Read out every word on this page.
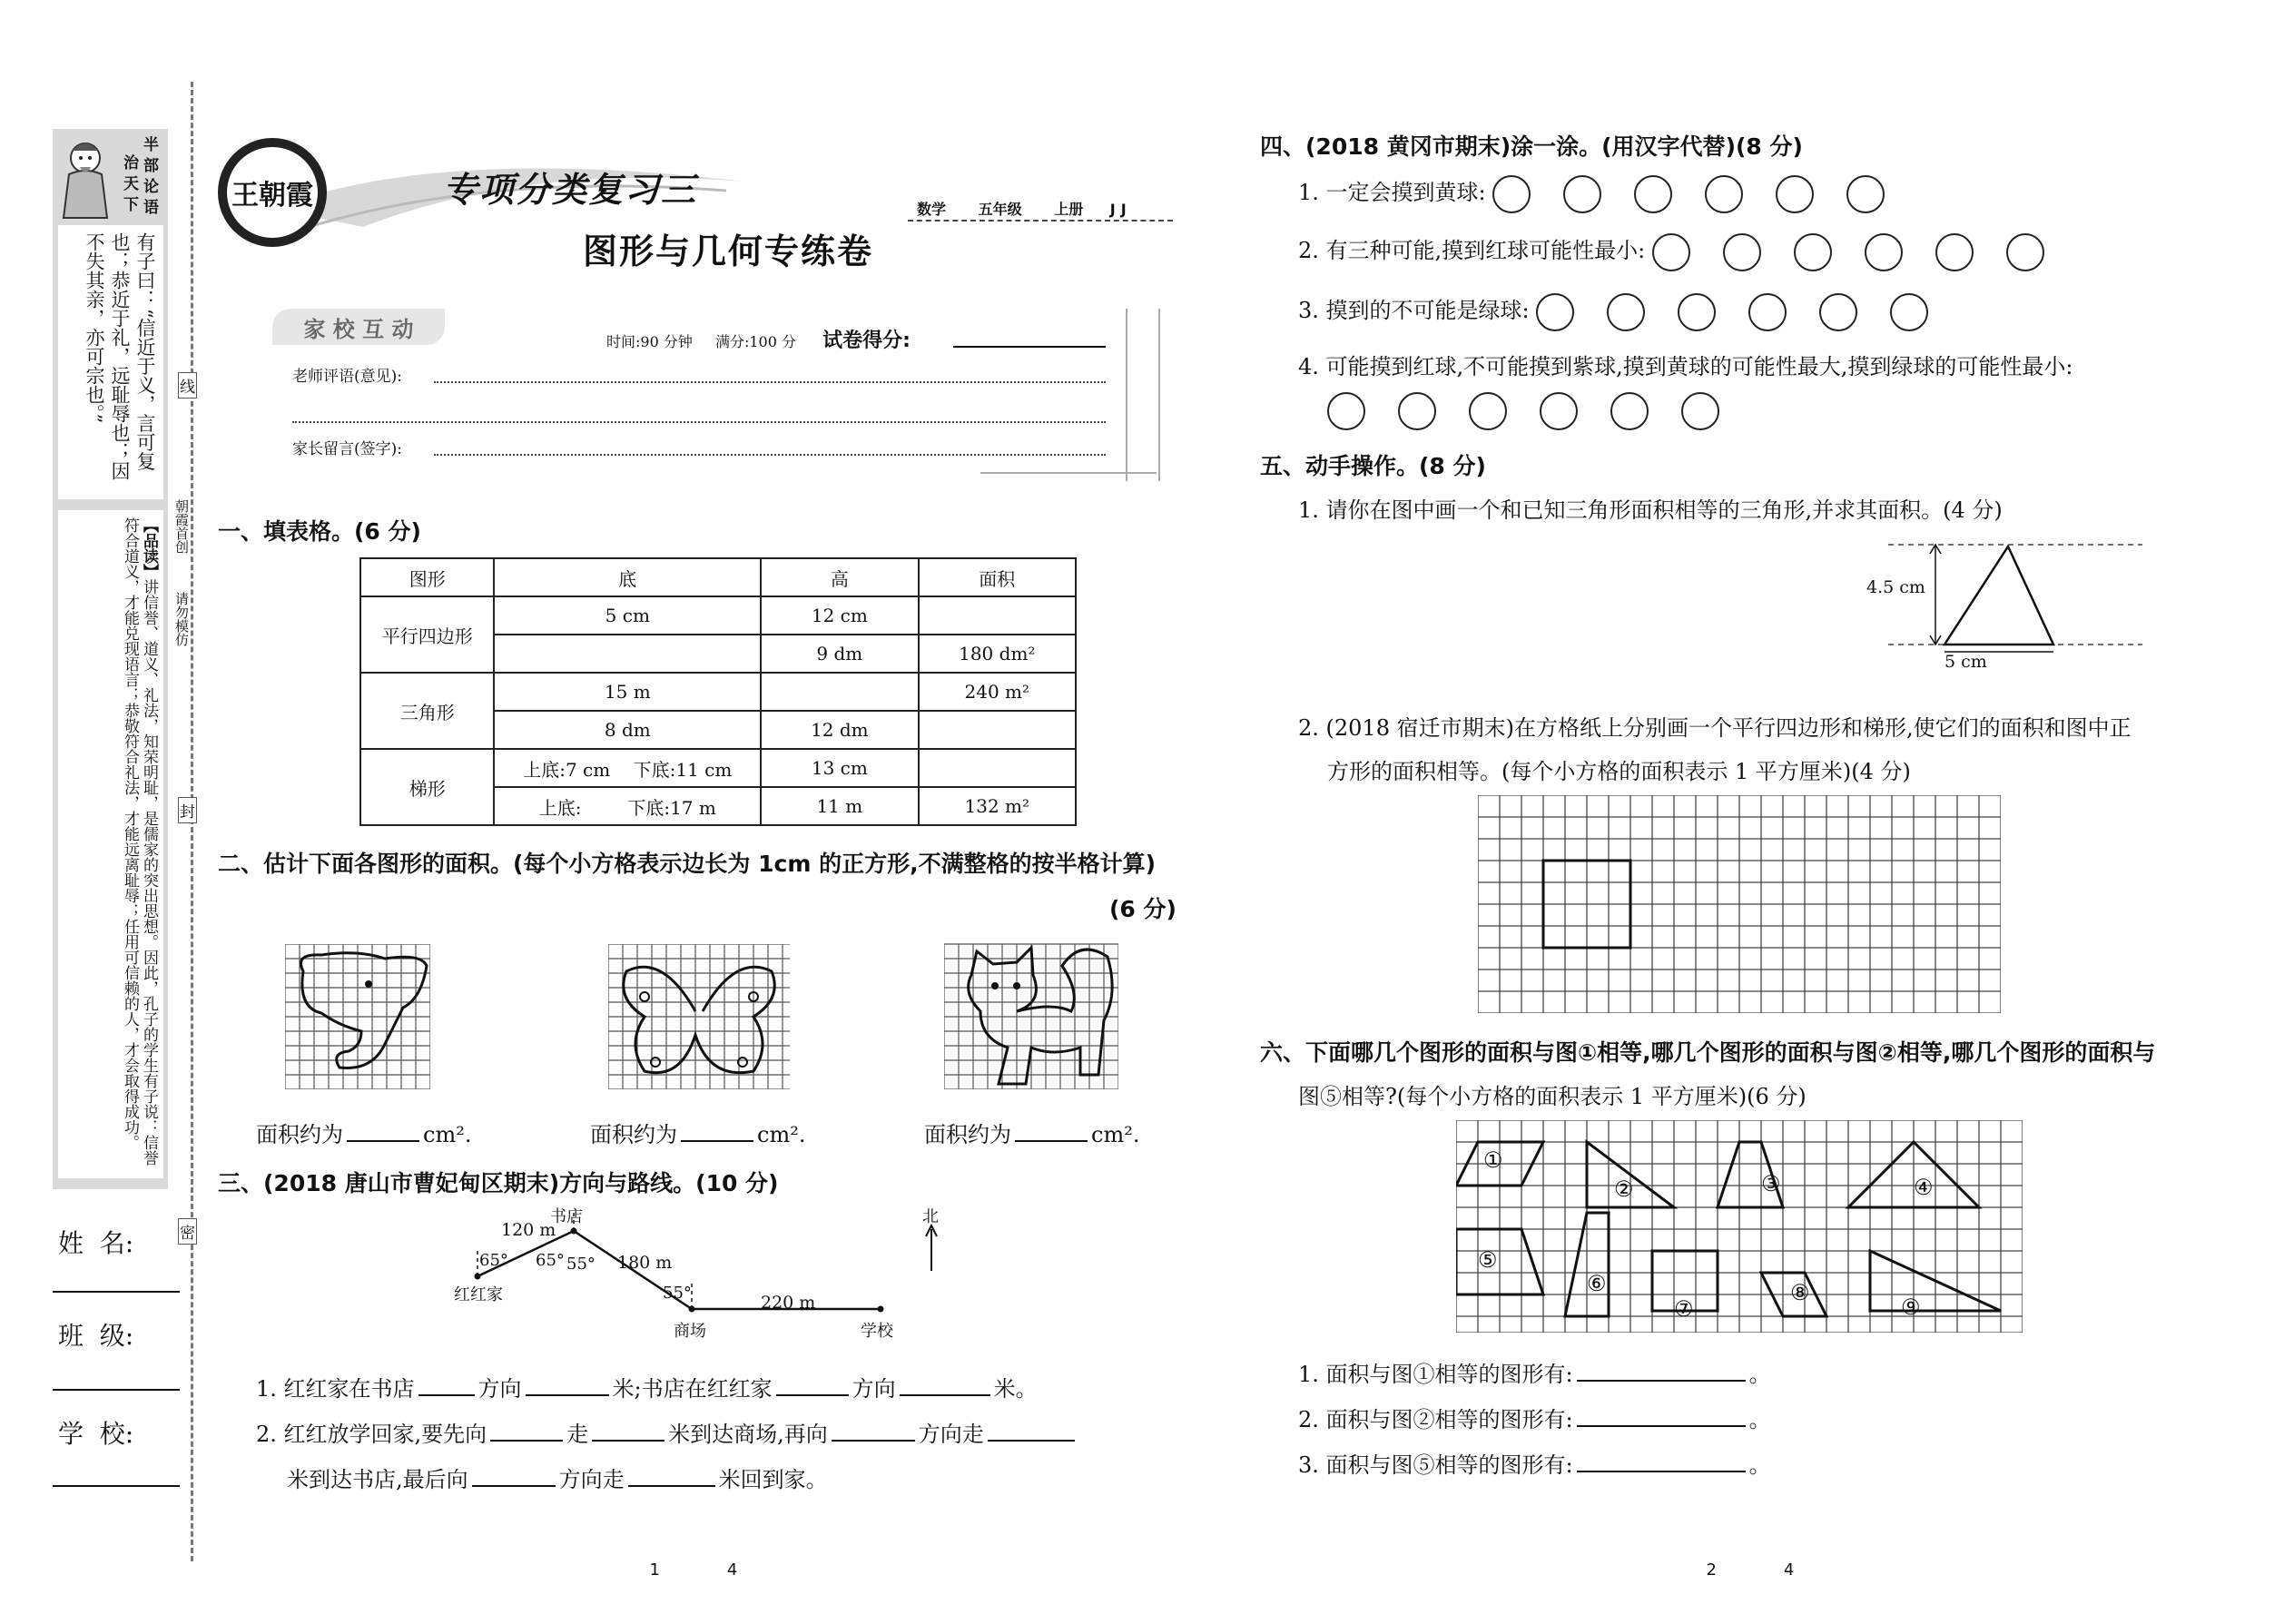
半部论语
治天下
有子曰：“信近于义，言可复也；恭近于礼，远耻辱也；因不失其亲，亦可宗也。”
【品读】讲信誉、道义、礼法，知荣明耻，是儒家的突出思想。因此，孔子的学生有子说：信誉符合道义，才能兑现语言；恭敬符合礼法，才能远离耻辱；任用可信赖的人，才会取得成功。
姓  名:
班  级:
学  校:
线
封
密
朝霞首创
请勿模仿
王朝霞	专项分类复习三	数学 五年级 上册 JJ
图形与几何专练卷
家 校 互 动	时间:90 分钟 满分:100 分 试卷得分:
老师评语(意见):
家长留言(签字):
一、填表格。(6 分)
图形	底	高	面积
平行四边形	5 cm	12 cm	
		9 dm	180 dm²
三角形	15 m		240 m²
	8 dm	12 dm	
梯形	上底:7 cm    下底:11 cm	13 cm	
	上底:        下底:17 m	11 m	132 m²
二、估计下面各图形的面积。(每个小方格表示边长为 1cm 的正方形,不满整格的按半格计算)
(6 分)
面积约为	cm².	面积约为	cm².	面积约为	cm².
三、(2018 唐山市曹妃甸区期末)方向与路线。(10 分)
北
书店
红红家
商场	学校
120 m
180 m
220 m
65° 65° 55°
55°
1. 红红家在书店	方向	米;书店在红红家	方向	米。
2. 红红放学回家,要先向	走	米到达商场,再向	方向走
米到达书店,最后向	方向走	米回到家。

1	4

四、(2018 黄冈市期末)涂一涂。(用汉字代替)(8 分)
1. 一定会摸到黄球:
2. 有三种可能,摸到红球可能性最小:
3. 摸到的不可能是绿球:
4. 可能摸到红球,不可能摸到紫球,摸到黄球的可能性最大,摸到绿球的可能性最小:
五、动手操作。(8 分)
1. 请你在图中画一个和已知三角形面积相等的三角形,并求其面积。(4 分)
4.5 cm
5 cm
2. (2018 宿迁市期末)在方格纸上分别画一个平行四边形和梯形,使它们的面积和图中正
方形的面积相等。(每个小方格的面积表示 1 平方厘米)(4 分)
六、下面哪几个图形的面积与图①相等,哪几个图形的面积与图②相等,哪几个图形的面积与
图⑤相等?(每个小方格的面积表示 1 平方厘米)(6 分)
①
②	③	④
⑤
⑥
⑦
⑧
⑨
1. 面积与图①相等的图形有:	。
2. 面积与图②相等的图形有:	。
3. 面积与图⑤相等的图形有:	。

2	4
